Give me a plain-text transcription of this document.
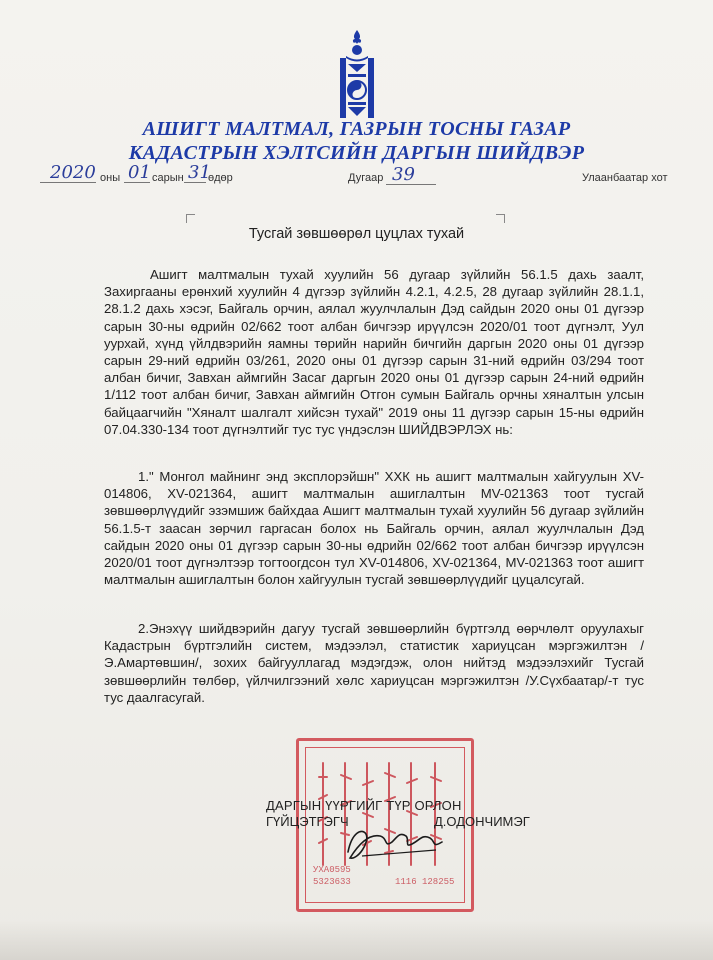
АШИГТ МАЛТМАЛ, ГАЗРЫН ТОСНЫ ГАЗАР
КАДАСТРЫН ХЭЛТСИЙН ДАРГЫН ШИЙДВЭР
2020 оны 01 сарын 31
өдөр	Дугаар 39	Улаанбаатар хот
Тусгай зөвшөөрөл цуцлах тухай
Ашигт малтмалын тухай хуулийн 56 дугаар зүйлийн 56.1.5 дахь заалт, Захиргааны ерөнхий хуулийн 4 дүгээр зүйлийн 4.2.1, 4.2.5, 28 дугаар зүйлийн 28.1.1, 28.1.2 дахь хэсэг, Байгаль орчин, аялал жуулчлалын Дэд сайдын 2020 оны 01 дүгээр сарын 30-ны өдрийн 02/662 тоот албан бичгээр ирүүлсэн 2020/01 тоот дүгнэлт, Уул уурхай, хүнд үйлдвэрийн яамны төрийн нарийн бичгийн даргын 2020 оны 01 дүгээр сарын 29-ний өдрийн 03/261, 2020 оны 01 дүгээр сарын 31-ний өдрийн 03/294 тоот албан бичиг, Завхан аймгийн Засаг даргын 2020 оны 01 дүгээр сарын 24-ний өдрийн 1/112 тоот албан бичиг, Завхан аймгийн Отгон сумын Байгаль орчны хяналтын улсын байцаагчийн "Хяналт шалгалт хийсэн тухай" 2019 оны 11 дүгээр сарын 15-ны өдрийн 07.04.330-134 тоот дүгнэлтийг тус тус үндэслэн ШИЙДВЭРЛЭХ нь:
1." Монгол майнинг энд эксплорэйшн" ХХК нь ашигт малтмалын хайгуулын XV-014806, XV-021364, ашигт малтмалын ашиглалтын MV-021363 тоот тусгай зөвшөөрлүүдийг эзэмшиж байхдаа Ашигт малтмалын тухай хуулийн 56 дугаар зүйлийн 56.1.5-т заасан зөрчил гаргасан болох нь Байгаль орчин, аялал жуулчлалын Дэд сайдын 2020 оны 01 дүгээр сарын 30-ны өдрийн 02/662 тоот албан бичгээр ирүүлсэн 2020/01 тоот дүгнэлтээр тогтоогдсон тул XV-014806, XV-021364, MV-021363 тоот ашигт малтмалын ашиглалтын болон хайгуулын тусгай зөвшөөрлүүдийг цуцалсугай.
2.Энэхүү шийдвэрийн дагуу тусгай зөвшөөрлийн бүртгэлд өөрчлөлт оруулахыг Кадастрын бүртгэлийн систем, мэдээлэл, статистик хариуцсан мэргэжилтэн /Э.Амартөвшин/, зохих байгууллагад мэдэгдэж, олон нийтэд мэдээлэхийг Тусгай зөвшөөрлийн төлбөр, үйлчилгээний хөлс хариуцсан мэргэжилтэн /У.Сүхбаатар/-т тус тус даалгасугай.
УХА0595
5323633	1116 128255
ДАРГЫН ҮҮРГИЙГ ТҮР ОРЛОН
ГҮЙЦЭТГЭГЧ	Д.ОДОНЧИМЭГ
